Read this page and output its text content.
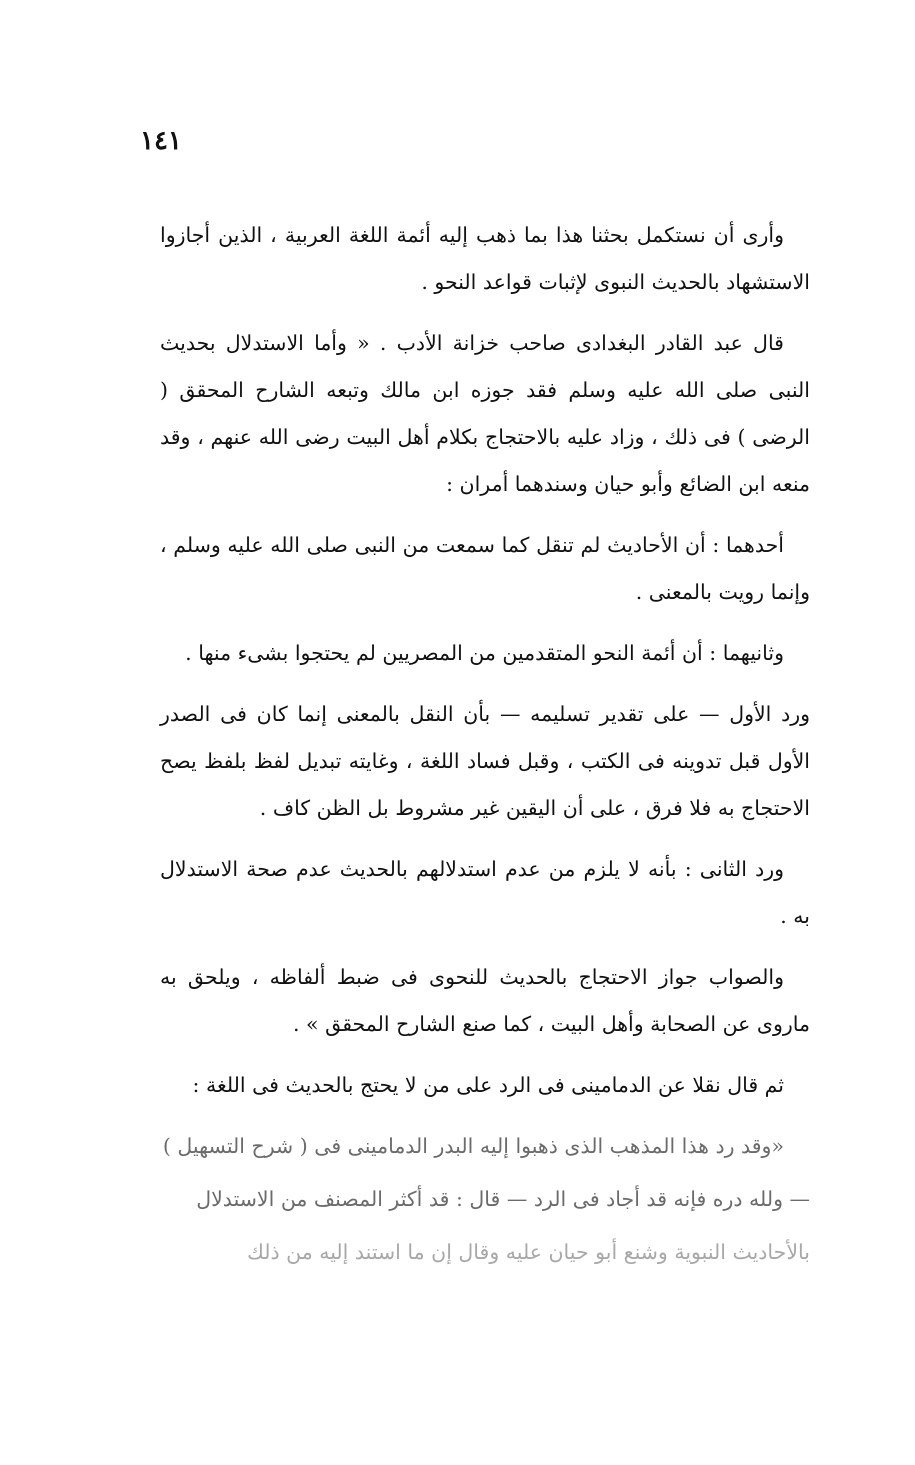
١٤١

وأرى أن نستكمل بحثنا هذا بما ذهب إليه أئمة اللغة العربية ، الذين أجازوا الاستشهاد بالحديث النبوى لإثبات قواعد النحو .

قال عبد القادر البغدادى صاحب خزانة الأدب . « وأما الاستدلال بحديث النبى صلى الله عليه وسلم فقد جوزه ابن مالك وتبعه الشارح المحقق ( الرضى ) فى ذلك ، وزاد عليه بالاحتجاج بكلام أهل البيت رضى الله عنهم ، وقد منعه ابن الضائع وأبو حيان وسندهما أمران :

أحدهما : أن الأحاديث لم تنقل كما سمعت من النبى صلى الله عليه وسلم ، وإنما رويت بالمعنى .

وثانيهما : أن أئمة النحو المتقدمين من المصريين لم يحتجوا بشىء منها .

ورد الأول — على تقدير تسليمه — بأن النقل بالمعنى إنما كان فى الصدر الأول قبل تدوينه فى الكتب ، وقبل فساد اللغة ، وغايته تبديل لفظ بلفظ يصح الاحتجاج به فلا فرق ، على أن اليقين غير مشروط بل الظن كاف .

ورد الثانى : بأنه لا يلزم من عدم استدلالهم بالحديث عدم صحة الاستدلال به .

والصواب جواز الاحتجاج بالحديث للنحوى فى ضبط ألفاظه ، ويلحق به ماروى عن الصحابة وأهل البيت ، كما صنع الشارح المحقق » .

ثم قال نقلا عن الدمامينى فى الرد على من لا يحتج بالحديث فى اللغة :

«وقد رد هذا المذهب الذى ذهبوا إليه البدر الدمامينى فى ( شرح التسهيل )

— ولله دره فإنه قد أجاد فى الرد — قال : قد أكثر المصنف من الاستدلال

بالأحاديث النبوية وشنع أبو حيان عليه وقال إن ما استند إليه من ذلك
